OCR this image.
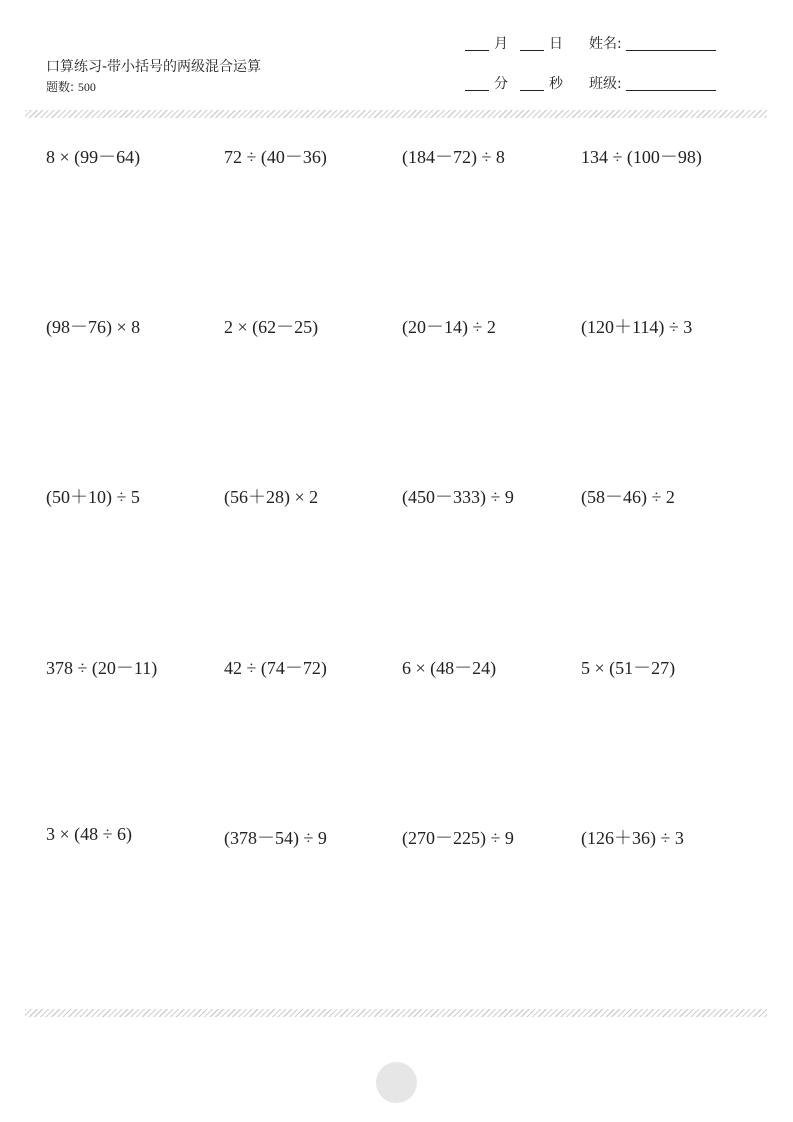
口算练习-带小括号的两级混合运算
题数: 500
月	日
分	秒
姓名:
班级:
8 × (99－64)	72 ÷ (40－36)	(184－72) ÷ 8	134 ÷ (100－98)
(98－76) × 8	2 × (62－25)	(20－14) ÷ 2	(120＋114) ÷ 3
(50＋10) ÷ 5	(56＋28) × 2	(450－333) ÷ 9	(58－46) ÷ 2
378 ÷ (20－11)	42 ÷ (74－72)	6 × (48－24)	5 × (51－27)
3 × (48 ÷ 6)	(378－54) ÷ 9	(270－225) ÷ 9	(126＋36) ÷ 3
